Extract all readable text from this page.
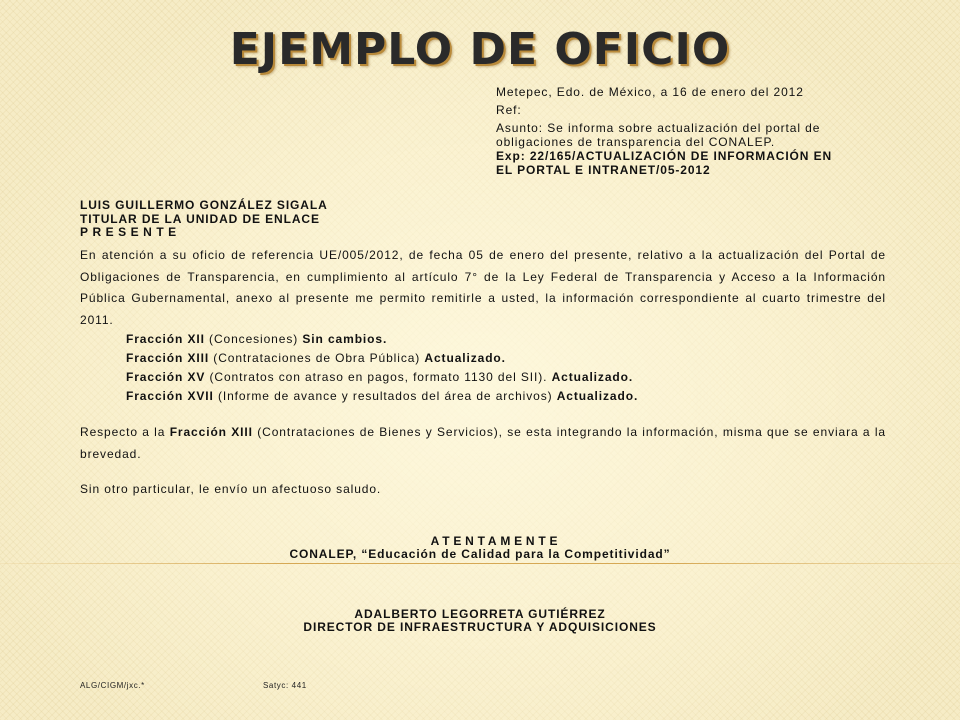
EJEMPLO DE OFICIO
Metepec, Edo. de México, a 16 de enero del 2012
Ref:
Asunto: Se informa sobre actualización del portal de
obligaciones de transparencia del CONALEP.
Exp: 22/165/ACTUALIZACIÓN DE INFORMACIÓN EN
EL PORTAL E INTRANET/05-2012
LUIS GUILLERMO GONZÁLEZ SIGALA
TITULAR DE LA UNIDAD DE ENLACE
PRESENTE
En atención a su oficio de referencia UE/005/2012, de fecha 05 de enero del presente, relativo a la actualización del Portal de Obligaciones de Transparencia, en cumplimiento al artículo 7° de la Ley Federal de Transparencia y Acceso a la Información Pública Gubernamental, anexo al presente me permito remitirle a usted, la información correspondiente al cuarto trimestre del 2011.
Fracción XII (Concesiones) Sin cambios.
Fracción XIII (Contrataciones de Obra Pública) Actualizado.
Fracción XV (Contratos con atraso en pagos, formato 1130 del SII). Actualizado.
Fracción XVII (Informe de avance y resultados del área de archivos) Actualizado.
Respecto a la Fracción XIII (Contrataciones de Bienes y Servicios), se esta integrando la información, misma que se enviara a la brevedad.
Sin otro particular, le envío un afectuoso saludo.
ATENTAMENTE
CONALEP, “Educación de Calidad para la Competitividad”
ADALBERTO LEGORRETA GUTIÉRREZ
DIRECTOR DE INFRAESTRUCTURA Y ADQUISICIONES
ALG/CIGM/jxc.*	Satyc: 441
